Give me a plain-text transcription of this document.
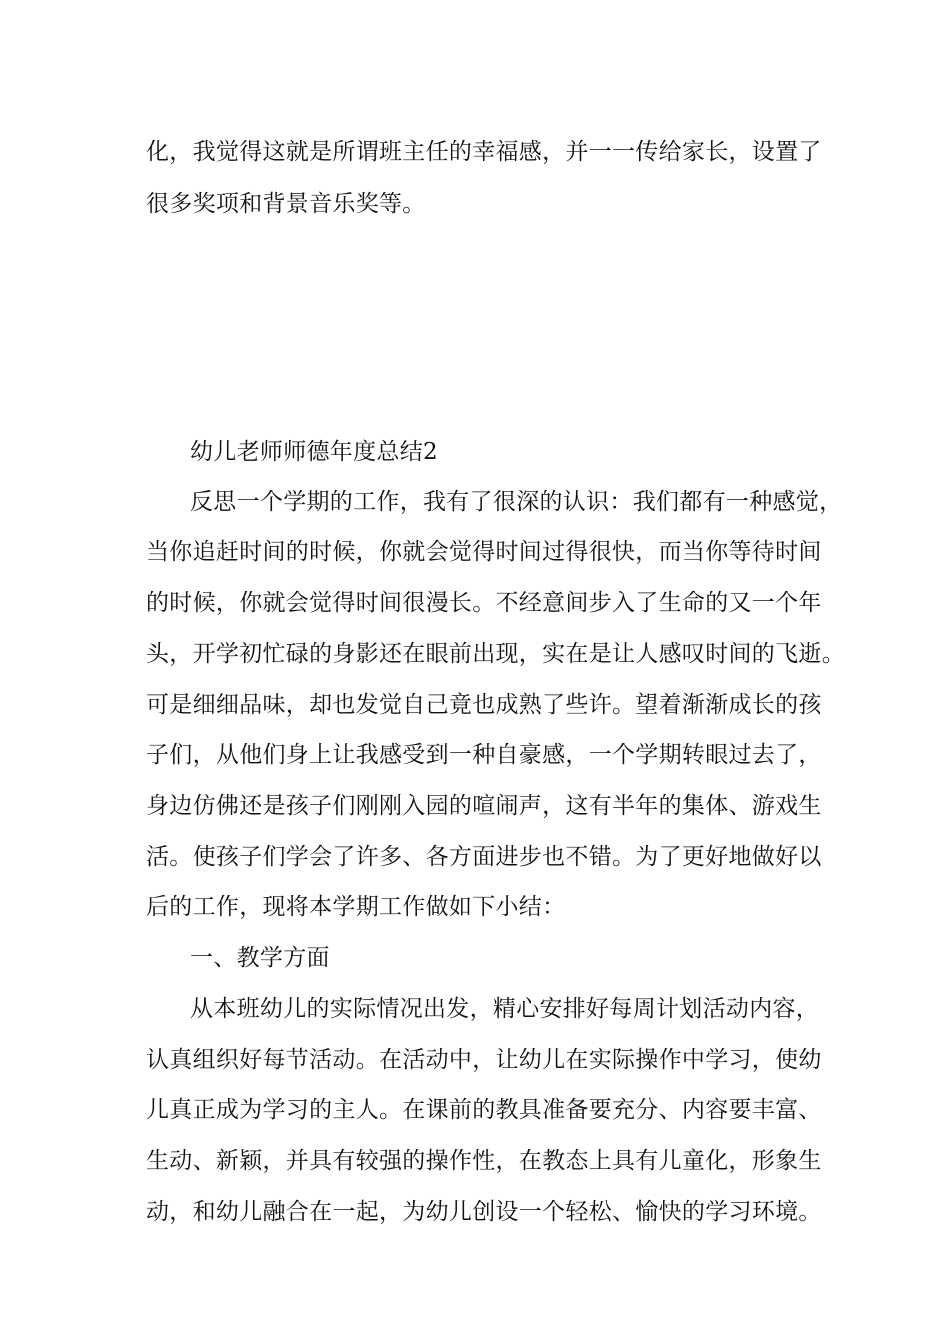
化，我觉得这就是所谓班主任的幸福感，并一一传给家长，设置了
很多奖项和背景音乐奖等。
幼儿老师师德年度总结2
反思一个学期的工作，我有了很深的认识：我们都有一种感觉，
当你追赶时间的时候，你就会觉得时间过得很快，而当你等待时间
的时候，你就会觉得时间很漫长。不经意间步入了生命的又一个年
头，开学初忙碌的身影还在眼前出现，实在是让人感叹时间的飞逝。
可是细细品味，却也发觉自己竟也成熟了些许。望着渐渐成长的孩
子们，从他们身上让我感受到一种自豪感，一个学期转眼过去了，
身边仿佛还是孩子们刚刚入园的喧闹声，这有半年的集体、游戏生
活。使孩子们学会了许多、各方面进步也不错。为了更好地做好以
后的工作，现将本学期工作做如下小结：
一、教学方面
从本班幼儿的实际情况出发，精心安排好每周计划活动内容，
认真组织好每节活动。在活动中，让幼儿在实际操作中学习，使幼
儿真正成为学习的主人。在课前的教具准备要充分、内容要丰富、
生动、新颖，并具有较强的操作性，在教态上具有儿童化，形象生
动，和幼儿融合在一起，为幼儿创设一个轻松、愉快的学习环境。
